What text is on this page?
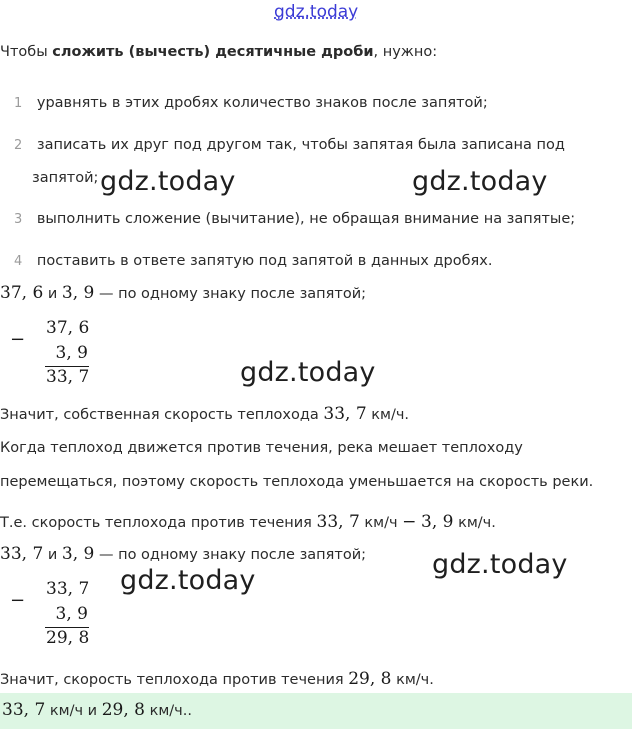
gdz.today
Чтобы сложить (вычесть) десятичные дроби, нужно:
1 уравнять в этих дробях количество знаков после запятой;
2 записать их друг под другом так, чтобы запятая была записана под
запятой;
3 выполнить сложение (вычитание), не обращая внимание на запятые;
4 поставить в ответе запятую под запятой в данных дробях.
37, 6 и 3, 9 — по одному знаку после запятой;
−
37, 6
3, 9
33, 7
Значит, собственная скорость теплохода 33, 7 км/ч.
Когда теплоход движется против течения, река мешает теплоходу
перемещаться, поэтому скорость теплохода уменьшается на скорость реки.
Т.е. скорость теплохода против течения 33, 7 км/ч − 3, 9 км/ч.
33, 7 и 3, 9 — по одному знаку после запятой;
−
33, 7
3, 9
29, 8
Значит, скорость теплохода против течения 29, 8 км/ч.
33, 7 км/ч и 29, 8 км/ч..
gdz.today	gdz.today
gdz.today
gdz.today
gdz.today
